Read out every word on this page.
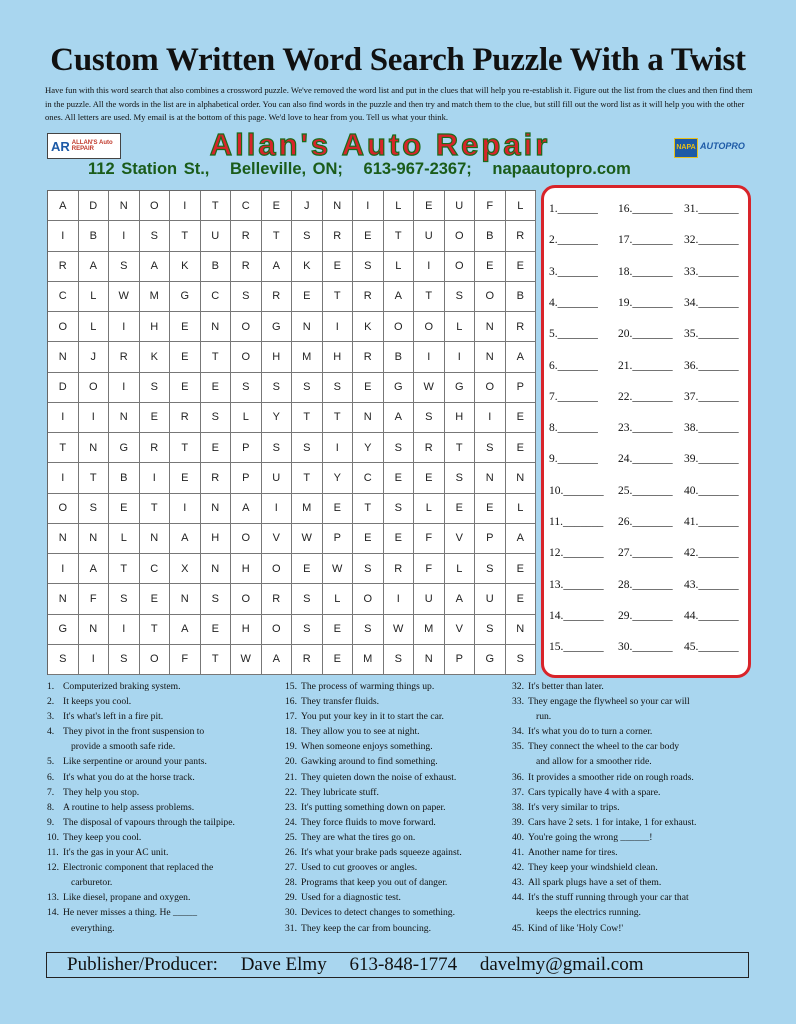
Custom Written Word Search Puzzle With a Twist
Have fun with this word search that also combines a crossword puzzle. We've removed the word list and put in the clues that will help you re-establish it. Figure out the list from the clues and then find them in the puzzle. All the words in the list are in alphabetical order. You can also find words in the puzzle and then try and match them to the clue, but still fill out the word list as it will help you with the other ones. All letters are used. My email is at the bottom of this page. We'd love to hear from you. Tell us what your think.
AR ALLAN'S Auto REPAIR	Allan's Auto Repair	NAPA AUTOPRO
112 Station St., Belleville, ON; 613-967-2367; napaautopro.com
A	D	N	O	I	T	C	E	J	N	I	L	E	U	F	L
I	B	I	S	T	U	R	T	S	R	E	T	U	O	B	R
R	A	S	A	K	B	R	A	K	E	S	L	I	O	E	E
C	L	W	M	G	C	S	R	E	T	R	A	T	S	O	B
O	L	I	H	E	N	O	G	N	I	K	O	O	L	N	R
N	J	R	K	E	T	O	H	M	H	R	B	I	I	N	A
D	O	I	S	E	E	S	S	S	S	E	G	W	G	O	P
I	I	N	E	R	S	L	Y	T	T	N	A	S	H	I	E
T	N	G	R	T	E	P	S	S	I	Y	S	R	T	S	E
I	T	B	I	E	R	P	U	T	Y	C	E	E	S	N	N
O	S	E	T	I	N	A	I	M	E	T	S	L	E	E	L
N	N	L	N	A	H	O	V	W	P	E	E	F	V	P	A
I	A	T	C	X	N	H	O	E	W	S	R	F	L	S	E
N	F	S	E	N	S	O	R	S	L	O	I	U	A	U	E
G	N	I	T	A	E	H	O	S	E	S	W	M	V	S	N
S	I	S	O	F	T	W	A	R	E	M	S	N	P	G	S
1._______
2._______
3._______
4._______
5._______
6._______
7._______
8._______
9._______
10._______
11._______
12._______
13._______
14._______
15._______
16._______
17._______
18._______
19._______
20._______
21._______
22._______
23._______
24._______
25._______
26._______
27._______
28._______
29._______
30._______
31._______
32._______
33._______
34._______
35._______
36._______
37._______
38._______
39._______
40._______
41._______
42._______
43._______
44._______
45._______
1. Computerized braking system.
2. It keeps you cool.
3. It's what's left in a fire pit.
4. They pivot in the front suspension to
provide a smooth safe ride.
5. Like serpentine or around your pants.
6. It's what you do at the horse track.
7. They help you stop.
8. A routine to help assess problems.
9. The disposal of vapours through the tailpipe.
10. They keep you cool.
11. It's the gas in your AC unit.
12. Electronic component that replaced the
carburetor.
13. Like diesel, propane and oxygen.
14. He never misses a thing. He _____
everything.
15. The process of warming things up.
16. They transfer fluids.
17. You put your key in it to start the car.
18. They allow you to see at night.
19. When someone enjoys something.
20. Gawking around to find something.
21. They quieten down the noise of exhaust.
22. They lubricate stuff.
23. It's putting something down on paper.
24. They force fluids to move forward.
25. They are what the tires go on.
26. It's what your brake pads squeeze against.
27. Used to cut grooves or angles.
28. Programs that keep you out of danger.
29. Used for a diagnostic test.
30. Devices to detect changes to something.
31. They keep the car from bouncing.
32. It's better than later.
33. They engage the flywheel so your car will
run.
34. It's what you do to turn a corner.
35. They connect the wheel to the car body
and allow for a smoother ride.
36. It provides a smoother ride on rough roads.
37. Cars typically have 4 with a spare.
38. It's very similar to trips.
39. Cars have 2 sets. 1 for intake, 1 for exhaust.
40. You're going the wrong ______!
41. Another name for tires.
42. They keep your windshield clean.
43. All spark plugs have a set of them.
44. It's the stuff running through your car that
keeps the electrics running.
45. Kind of like 'Holy Cow!'
Publisher/Producer: Dave Elmy 613-848-1774 davelmy@gmail.com
